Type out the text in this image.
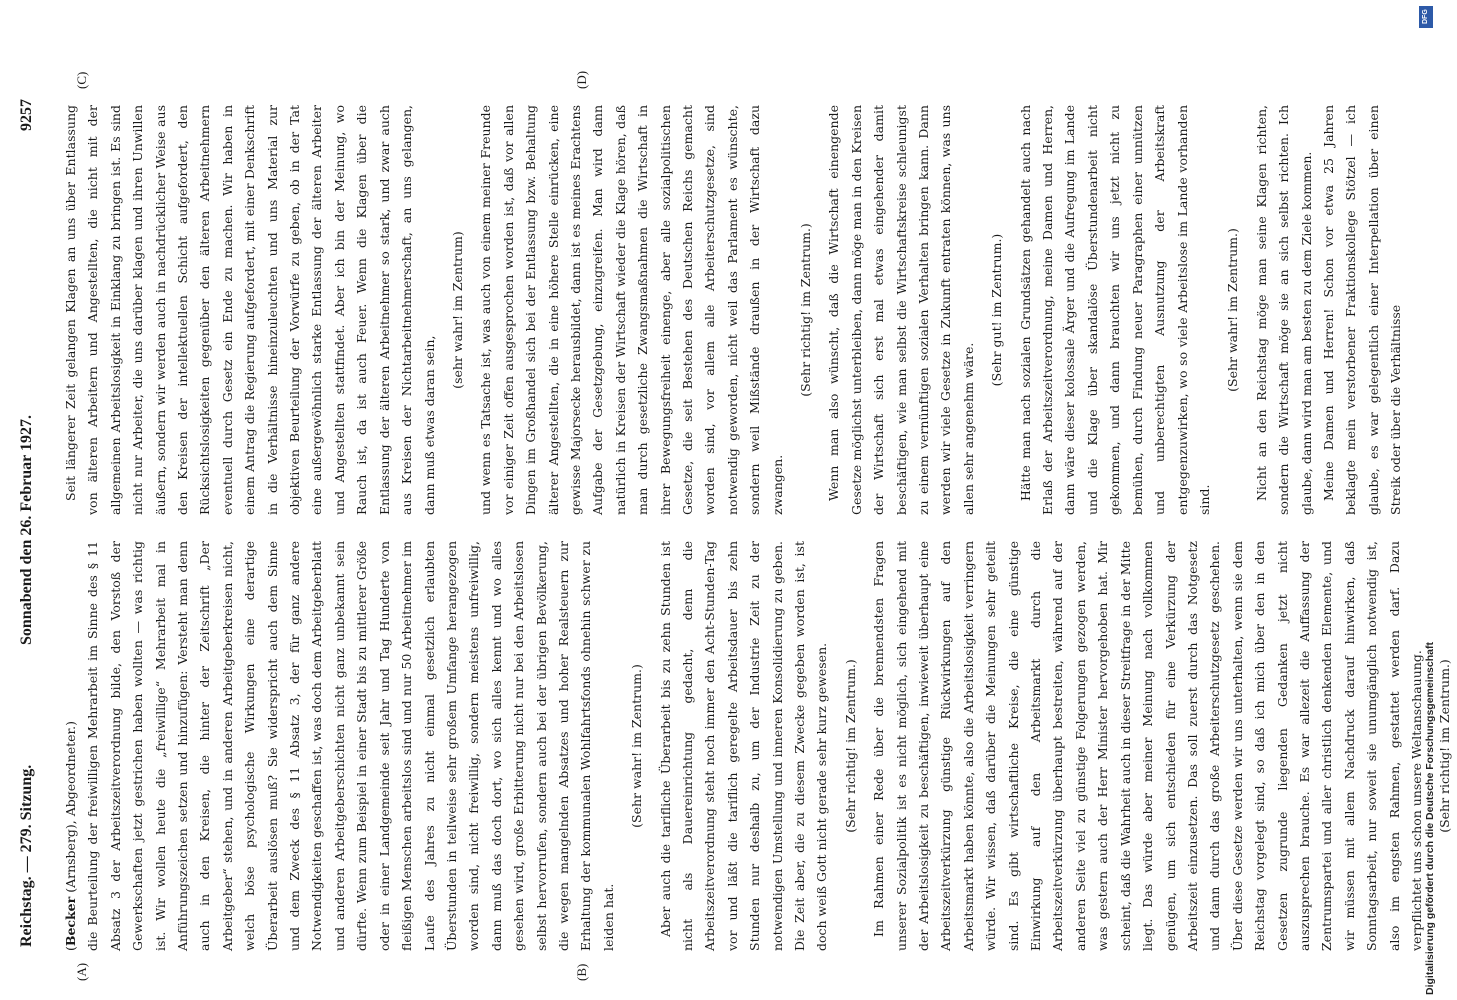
Reichstag. — 279. Sitzung.
Sonnabend den 26. Februar 1927.
9257
(A)	(B)
(C)	(D)

(Becker (Arnsberg), Abgeordneter.) die Beurteilung der freiwilligen Mehrarbeit im Sinne des § 11 Absatz 3 der Arbeitszeitverordnung bilde, den Vorstoß der Gewerkschaften jetzt gestrichen haben wollten — was richtig ist. Wir wollen heute die „freiwillige“ Mehrarbeit mal in Anführungszeichen setzen und hinzufügen: Versteht man denn auch in den Kreisen, die hinter der Zeitschrift „Der Arbeitgeber“ stehen, und in anderen Arbeitgeberkreisen nicht, welch böse psychologische Wirkungen eine derartige Überarbeit auslösen muß? Sie widerspricht auch dem Sinne und dem Zweck des § 11 Absatz 3, der für ganz andere Notwendigkeiten geschaffen ist, was doch dem Arbeitgeberblatt und anderen Arbeitgeberschichten nicht ganz unbekannt sein dürfte. Wenn zum Beispiel in einer Stadt bis zu mittlerer Größe oder in einer Landgemeinde seit Jahr und Tag Hunderte von fleißigen Menschen arbeitslos sind und nur 50 Arbeitnehmer im Laufe des Jahres zu nicht einmal gesetzlich erlaubten Überstunden in teilweise sehr großem Umfange herangezogen worden sind, nicht freiwillig, sondern meistens unfreiwillig, dann muß das doch dort, wo sich alles kennt und wo alles gesehen wird, große Erbitterung nicht nur bei den Arbeitslosen selbst hervorrufen, sondern auch bei der übrigen Bevölkerung, die wegen mangelnden Absatzes und hoher Realsteuern zur Erhaltung der kommunalen Wohlfahrtsfonds ohnehin schwer zu leiden hat.

(Sehr wahr! im Zentrum.)	Aber auch die tarifliche Überarbeit bis zu zehn Stunden ist nicht als Dauereinrichtung gedacht, denn die Arbeitszeitverordnung steht noch immer den Acht-Stunden-Tag vor und läßt die tariflich geregelte Arbeitsdauer bis zehn Stunden nur deshalb zu, um der Industrie Zeit zu der notwendigen Umstellung und inneren Konsolidierung zu geben. Die Zeit aber, die zu diesem Zwecke gegeben worden ist, ist doch weiß Gott nicht gerade sehr kurz gewesen.	(Sehr richtig! im Zentrum.)	Im Rahmen einer Rede über die brennendsten Fragen unserer Sozialpolitik ist es nicht möglich, sich eingehend mit der Arbeitslosigkeit zu beschäftigen, inwieweit überhaupt eine Arbeitszeitverkürzung günstige Rückwirkungen auf den Arbeitsmarkt haben könnte, also die Arbeitslosigkeit verringern würde. Wir wissen, daß darüber die Meinungen sehr geteilt sind. Es gibt wirtschaftliche Kreise, die eine günstige Einwirkung auf den Arbeitsmarkt durch die Arbeitszeitverkürzung überhaupt bestreiten, während auf der anderen Seite viel zu günstige Folgerungen gezogen werden, was gestern auch der Herr Minister hervorgehoben hat. Mir scheint, daß die Wahrheit auch in dieser Streitfrage in der Mitte liegt. Das würde aber meiner Meinung nach vollkommen genügen, um sich entschieden für eine Verkürzung der Arbeitszeit einzusetzen. Das soll zuerst durch das Notgesetz und dann durch das große Arbeiterschutzgesetz geschehen. Über diese Gesetze werden wir uns unterhalten, wenn sie dem Reichstag vorgelegt sind, so daß ich mich über den in den Gesetzen zugrunde liegenden Gedanken jetzt nicht auszusprechen brauche. Es war allezeit die Auffassung der Zentrumspartei und aller christlich denkenden Elemente, und wir müssen mit allem Nachdruck darauf hinwirken, daß Sonntagsarbeit, nur soweit sie unumgänglich notwendig ist, also im engsten Rahmen, gestattet werden darf. Dazu verpflichtet uns schon unsere Weltanschauung.	(Sehr richtig! im Zentrum.)

Seit längerer Zeit gelangen Klagen an uns über Entlassung von älteren Arbeitern und Angestellten, die nicht mit der allgemeinen Arbeitslosigkeit in Einklang zu bringen ist. Es sind nicht nur Arbeiter, die uns darüber klagen und ihren Unwillen äußern, sondern wir werden auch in nachdrücklicher Weise aus den Kreisen der intellektuellen Schicht aufgefordert, den Rücksichtslosigkeiten gegenüber den älteren Arbeitnehmern eventuell durch Gesetz ein Ende zu machen. Wir haben in einem Antrag die Regierung aufgefordert, mit einer Denkschrift in die Verhältnisse hineinzuleuchten und uns Material zur objektiven Beurteilung der Vorwürfe zu geben, ob in der Tat eine außergewöhnlich starke Entlassung der älteren Arbeiter und Angestellten stattfindet. Aber ich bin der Meinung, wo Rauch ist, da ist auch Feuer. Wenn die Klagen über die Entlassung der älteren Arbeitnehmer so stark, und zwar auch aus Kreisen der Nichtarbeitnehmerschaft, an uns gelangen, dann muß etwas daran sein,

(sehr wahr! im Zentrum)	und wenn es Tatsache ist, was auch von einem meiner Freunde vor einiger Zeit offen ausgesprochen worden ist, daß vor allen Dingen im Großhandel sich bei der Entlassung bzw. Behaltung älterer Angestellten, die in eine höhere Stelle einrücken, eine gewisse Majorsecke herausbildet, dann ist es meines Erachtens Aufgabe der Gesetzgebung, einzugreifen. Man wird dann natürlich in Kreisen der Wirtschaft wieder die Klage hören, daß man durch gesetzliche Zwangsmaßnahmen die Wirtschaft in ihrer Bewegungsfreiheit einenge, aber alle sozialpolitischen Gesetze, die seit Bestehen des Deutschen Reichs gemacht worden sind, vor allem alle Arbeiterschutzgesetze, sind notwendig geworden, nicht weil das Parlament es wünschte, sondern weil Mißstände draußen in der Wirtschaft dazu zwangen.

(Sehr richtig! im Zentrum.)	Wenn man also wünscht, daß die Wirtschaft einengende Gesetze möglichst unterbleiben, dann möge man in den Kreisen der Wirtschaft sich erst mal etwas eingehender damit beschäftigen, wie man selbst die Wirtschaftskreise schleunigst zu einem vernünftigen sozialen Verhalten bringen kann. Dann werden wir viele Gesetze in Zukunft entraten können, was uns allen sehr angenehm wäre.

(Sehr gut! im Zentrum.)	Hätte man nach sozialen Grundsätzen gehandelt auch nach Erlaß der Arbeitszeitverordnung, meine Damen und Herren, dann wäre dieser kolossale Ärger und die Aufregung im Lande und die Klage über skandalöse Überstundenarbeit nicht gekommen, und dann brauchten wir uns jetzt nicht zu bemühen, durch Findung neuer Paragraphen einer unnützen und unberechtigten Ausnutzung der Arbeitskraft entgegenzuwirken, wo so viele Arbeitslose im Lande vorhanden sind.

(Sehr wahr! im Zentrum.)	Nicht an den Reichstag möge man seine Klagen richten, sondern die Wirtschaft möge sie an sich selbst richten. Ich glaube, dann wird man am besten zu dem Ziele kommen. Meine Damen und Herren! Schon vor etwa 25 Jahren beklagte mein verstorbener Fraktionskollege Stötzel — ich glaube, es war gelegentlich einer Interpellation über einen Streik oder über die Verhältnisse

Digitalisierung gefördert durch die Deutsche Forschungsgemeinschaft
DFG
